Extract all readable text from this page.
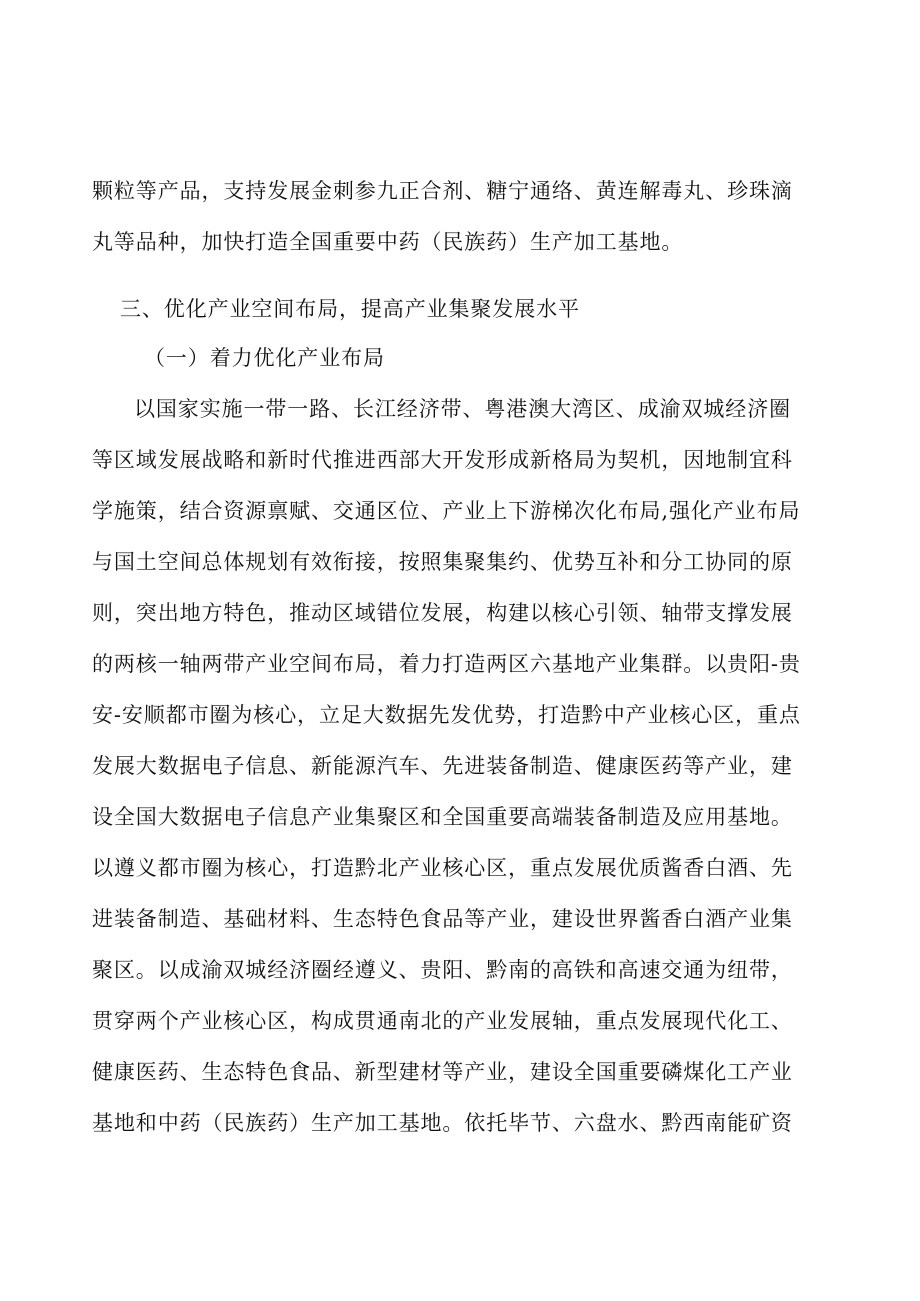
颗粒等产品，支持发展金刺参九正合剂、糖宁通络、黄连解毒丸、珍珠滴
丸等品种，加快打造全国重要中药（民族药）生产加工基地。
三、优化产业空间布局，提高产业集聚发展水平
（一）着力优化产业布局
以国家实施一带一路、长江经济带、粤港澳大湾区、成渝双城经济圈
等区域发展战略和新时代推进西部大开发形成新格局为契机，因地制宜科
学施策，结合资源禀赋、交通区位、产业上下游梯次化布局,强化产业布局
与国土空间总体规划有效衔接，按照集聚集约、优势互补和分工协同的原
则，突出地方特色，推动区域错位发展，构建以核心引领、轴带支撑发展
的两核一轴两带产业空间布局，着力打造两区六基地产业集群。以贵阳-贵
安-安顺都市圈为核心，立足大数据先发优势，打造黔中产业核心区，重点
发展大数据电子信息、新能源汽车、先进装备制造、健康医药等产业，建
设全国大数据电子信息产业集聚区和全国重要高端装备制造及应用基地。
以遵义都市圈为核心，打造黔北产业核心区，重点发展优质酱香白酒、先
进装备制造、基础材料、生态特色食品等产业，建设世界酱香白酒产业集
聚区。以成渝双城经济圈经遵义、贵阳、黔南的高铁和高速交通为纽带，
贯穿两个产业核心区，构成贯通南北的产业发展轴，重点发展现代化工、
健康医药、生态特色食品、新型建材等产业，建设全国重要磷煤化工产业
基地和中药（民族药）生产加工基地。依托毕节、六盘水、黔西南能矿资
